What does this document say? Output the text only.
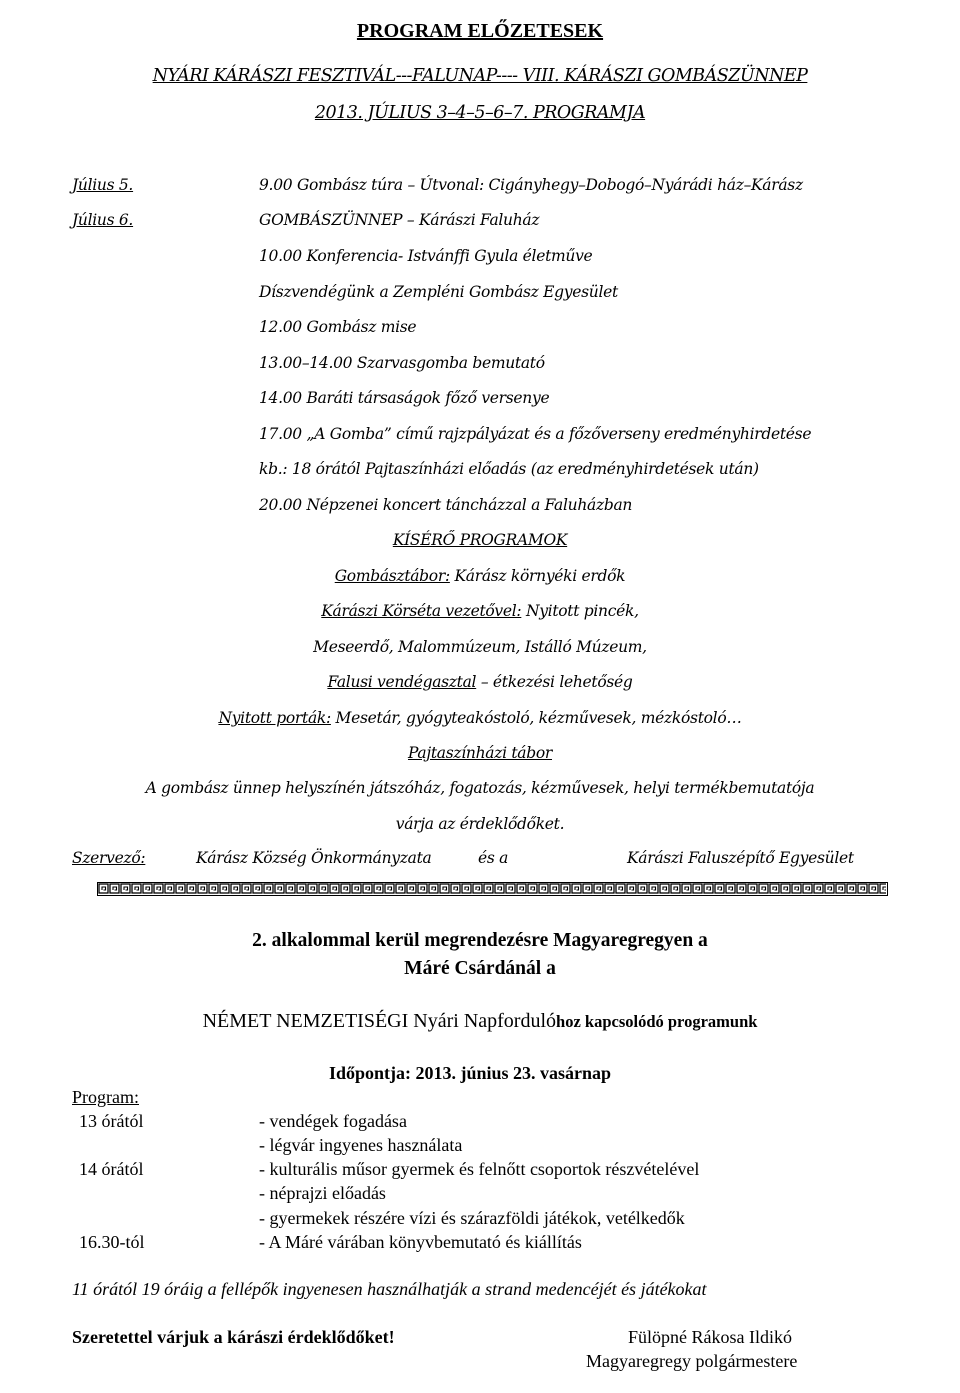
PROGRAM ELŐZETESEK
NYÁRI KÁRÁSZI FESZTIVÁL---FALUNAP---- VIII. KÁRÁSZI GOMBÁSZÜNNEP
2013. JÚLIUS 3–4–5–6–7. PROGRAMJA
Július 5.	9.00 Gombász túra – Útvonal: Cigányhegy–Dobogó–Nyárádi ház–Kárász
Július 6.	GOMBÁSZÜNNEP – Kárászi Faluház
10.00 Konferencia- Istvánffi Gyula életműve
Díszvendégünk a Zempléni Gombász Egyesület
12.00 Gombász mise
13.00–14.00 Szarvasgomba bemutató
14.00 Baráti társaságok főző versenye
17.00 „A Gomba” című rajzpályázat és a főzőverseny eredményhirdetése
kb.: 18 órától Pajtaszínházi előadás (az eredményhirdetések után)
20.00 Népzenei koncert táncházzal a Faluházban
KÍSÉRŐ PROGRAMOK
Gombásztábor: Kárász környéki erdők
Kárászi Körséta vezetővel: Nyitott pincék,
Meseerdő, Malommúzeum, Istálló Múzeum,
Falusi vendégasztal – étkezési lehetőség
Nyitott porták: Mesetár, gyógyteakóstoló, kézművesek, mézkóstoló…
Pajtaszínházi tábor
A gombász ünnep helyszínén játszóház, fogatozás, kézművesek, helyi termékbemutatója
várja az érdeklődőket.
Szervező:	Kárász Község Önkormányzata	és a	Kárászi Faluszépítő Egyesület
2. alkalommal kerül megrendezésre Magyaregregyen a
Máré Csárdánál a
NÉMET NEMZETISÉGI Nyári Napfordulóhoz kapcsolódó programunk
Időpontja: 2013. június 23. vasárnap
Program:
13 órától	- vendégek fogadása
- légvár ingyenes használata
14 órától	- kulturális műsor gyermek és felnőtt csoportok részvételével
- néprajzi előadás
- gyermekek részére vízi és szárazföldi játékok, vetélkedők
16.30-tól	- A Máré várában könyvbemutató és kiállítás
11 órától 19 óráig a fellépők ingyenesen használhatják a strand medencéjét és játékokat
Szeretettel várjuk a kárászi érdeklődőket!	Fülöpné Rákosa Ildikó
Magyaregregy polgármestere
